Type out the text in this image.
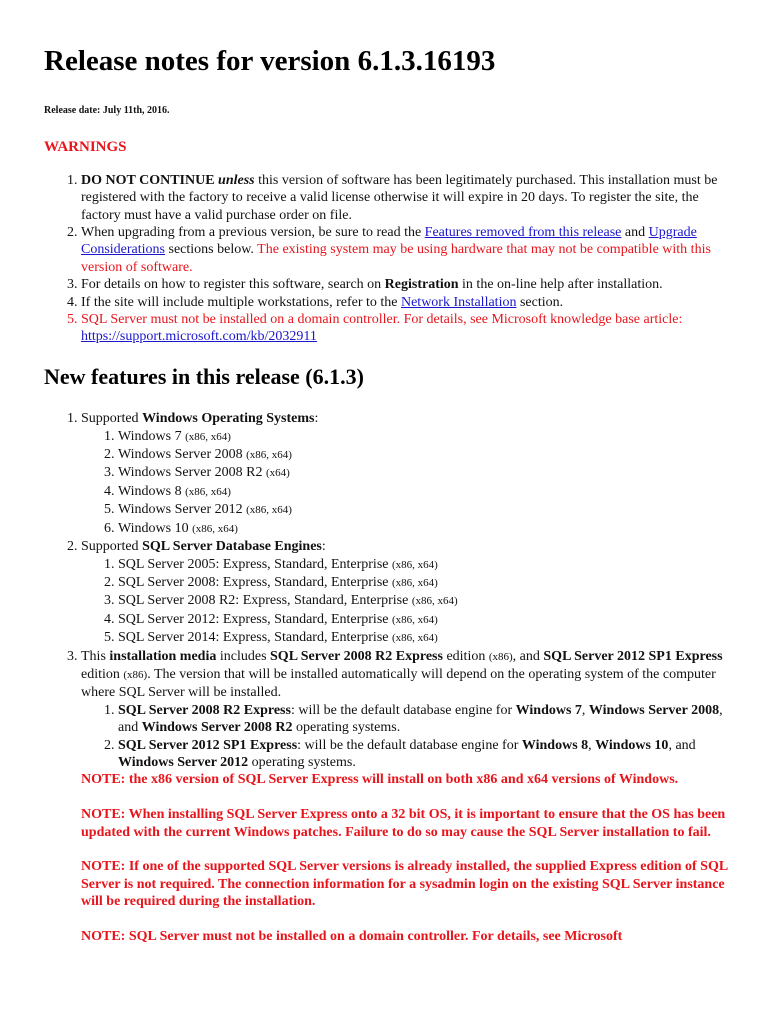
Release notes for version 6.1.3.16193
Release date: July 11th, 2016.
WARNINGS
1. DO NOT CONTINUE unless this version of software has been legitimately purchased. This installation must be registered with the factory to receive a valid license otherwise it will expire in 20 days. To register the site, the factory must have a valid purchase order on file.
2. When upgrading from a previous version, be sure to read the Features removed from this release and Upgrade Considerations sections below. The existing system may be using hardware that may not be compatible with this version of software.
3. For details on how to register this software, search on Registration in the on-line help after installation.
4. If the site will include multiple workstations, refer to the Network Installation section.
5. SQL Server must not be installed on a domain controller. For details, see Microsoft knowledge base article: https://support.microsoft.com/kb/2032911
New features in this release (6.1.3)
1. Supported Windows Operating Systems:
1. Windows 7 (x86, x64)
2. Windows Server 2008 (x86, x64)
3. Windows Server 2008 R2 (x64)
4. Windows 8 (x86, x64)
5. Windows Server 2012 (x86, x64)
6. Windows 10 (x86, x64)
2. Supported SQL Server Database Engines:
1. SQL Server 2005: Express, Standard, Enterprise (x86, x64)
2. SQL Server 2008: Express, Standard, Enterprise (x86, x64)
3. SQL Server 2008 R2: Express, Standard, Enterprise (x86, x64)
4. SQL Server 2012: Express, Standard, Enterprise (x86, x64)
5. SQL Server 2014: Express, Standard, Enterprise (x86, x64)
3. This installation media includes SQL Server 2008 R2 Express edition (x86), and SQL Server 2012 SP1 Express edition (x86). The version that will be installed automatically will depend on the operating system of the computer where SQL Server will be installed.
1. SQL Server 2008 R2 Express: will be the default database engine for Windows 7, Windows Server 2008, and Windows Server 2008 R2 operating systems.
2. SQL Server 2012 SP1 Express: will be the default database engine for Windows 8, Windows 10, and Windows Server 2012 operating systems.
NOTE: the x86 version of SQL Server Express will install on both x86 and x64 versions of Windows.
NOTE: When installing SQL Server Express onto a 32 bit OS, it is important to ensure that the OS has been updated with the current Windows patches. Failure to do so may cause the SQL Server installation to fail.
NOTE: If one of the supported SQL Server versions is already installed, the supplied Express edition of SQL Server is not required. The connection information for a sysadmin login on the existing SQL Server instance will be required during the installation.
NOTE: SQL Server must not be installed on a domain controller. For details, see Microsoft
